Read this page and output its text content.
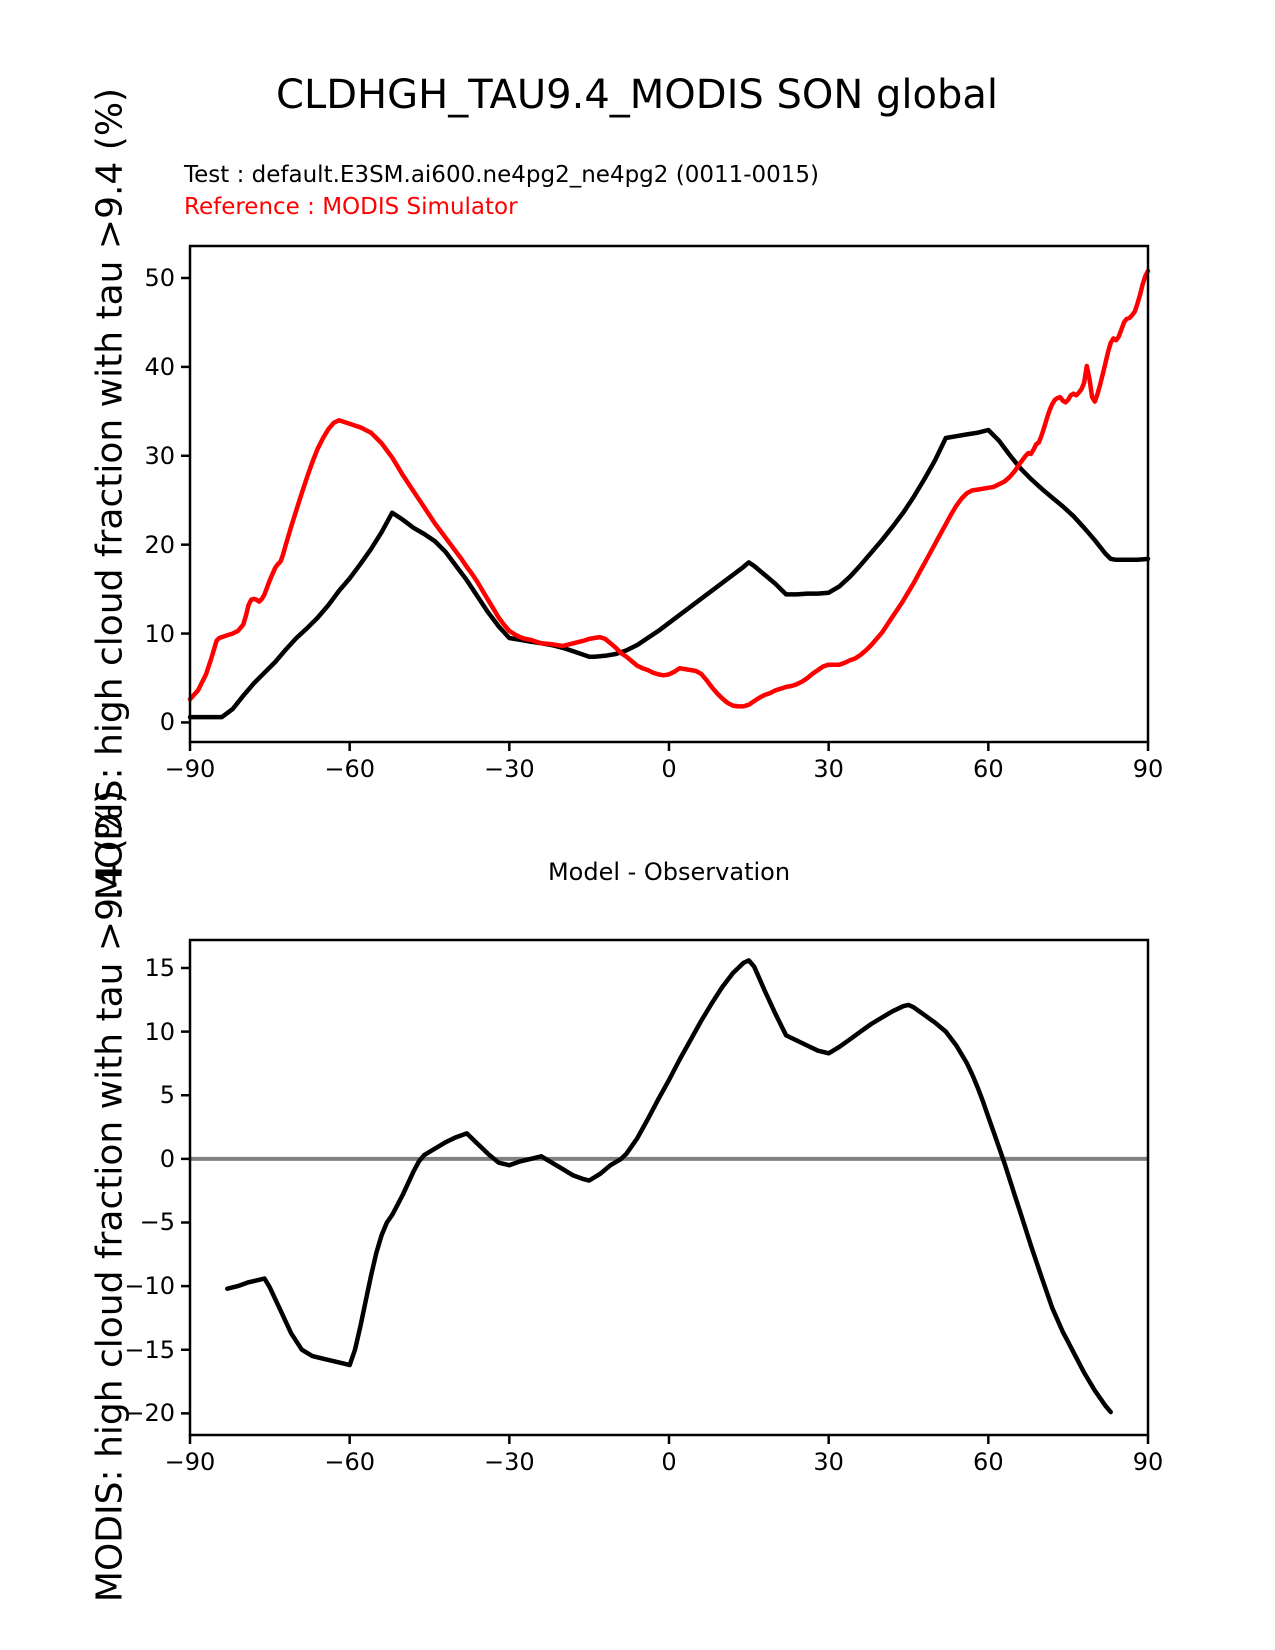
CLDHGH_TAU9.4_MODIS SON global
Test : default.E3SM.ai600.ne4pg2_ne4pg2 (0011-0015)
Reference : MODIS Simulator
MODIS: high cloud fraction with tau >9.4 (%)
MODIS: high cloud fraction with tau >9.4 (%)	Model - Observation
−90	−60	−30	0	30	60	90
0
10
20
30
40
50
−90	−60	−30	0	30	60	90
−20
−15
−10
−5
0
5
10
15
